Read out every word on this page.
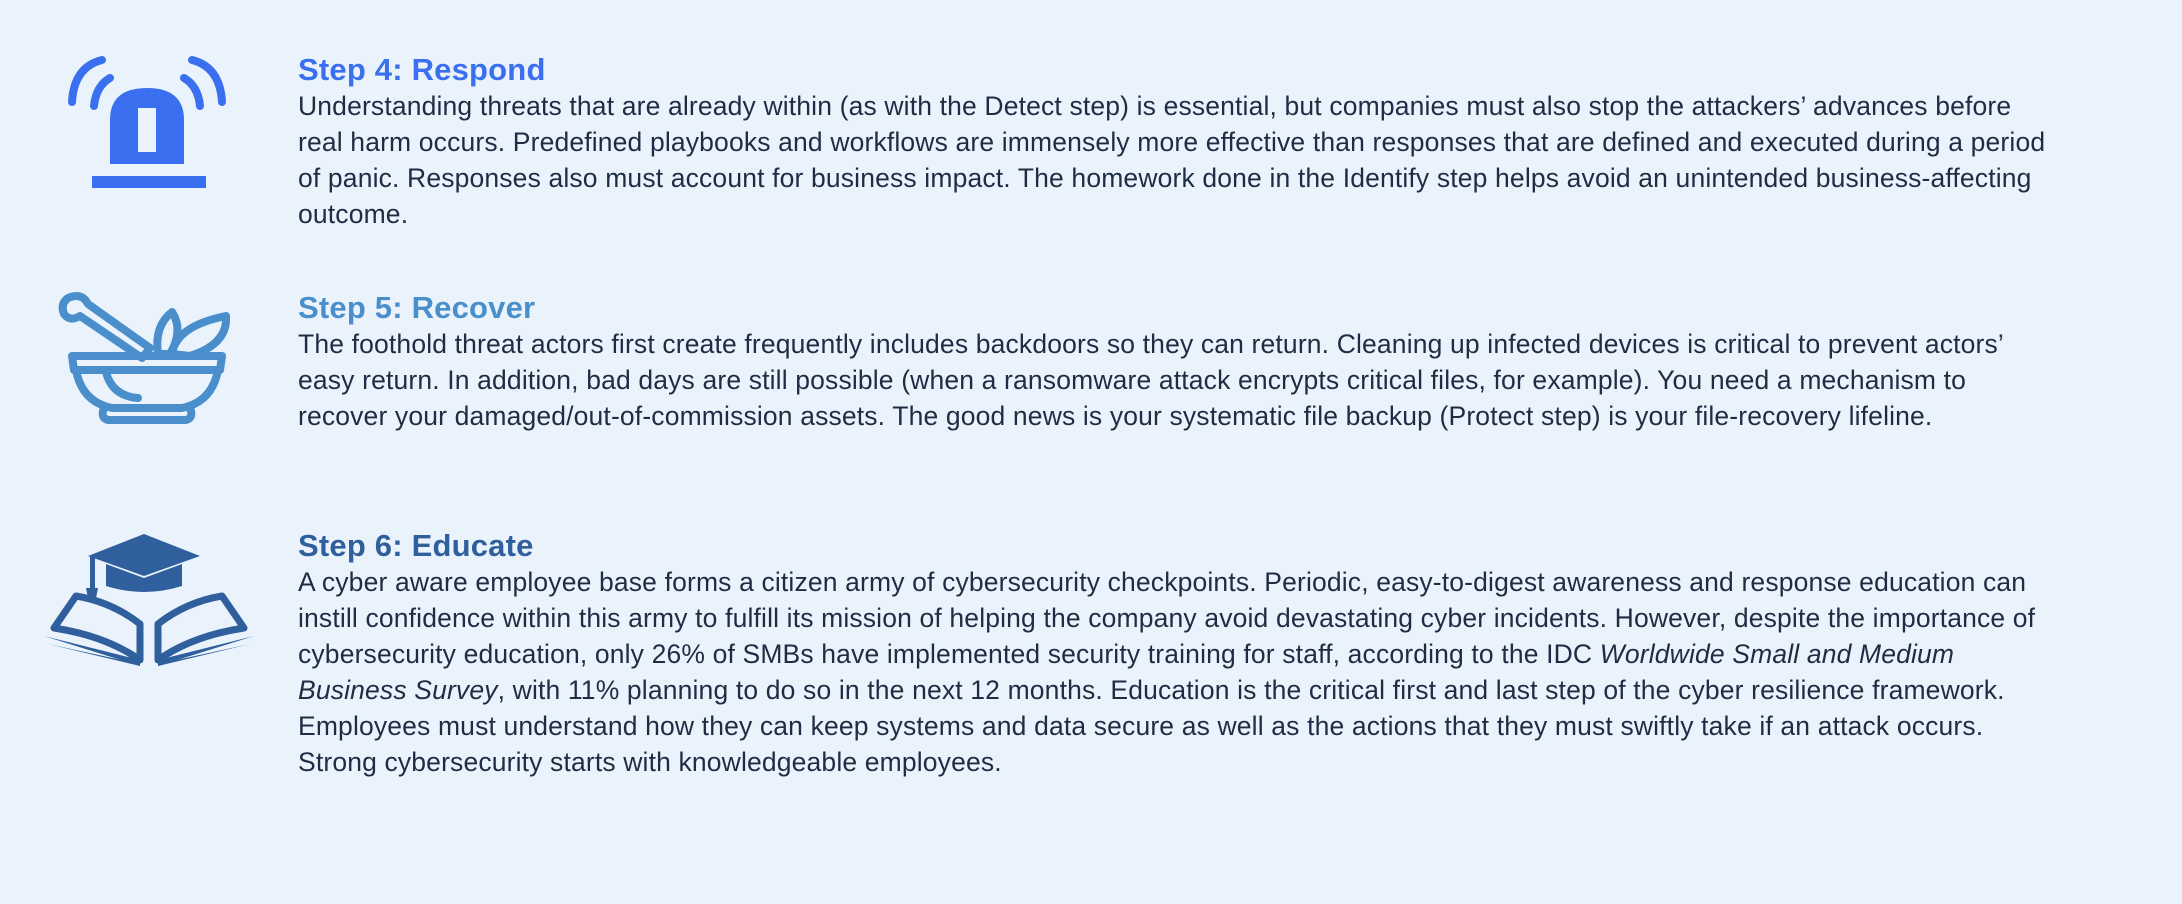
Step 4: Respond

Understanding threats that are already within (as with the Detect step) is essential, but companies must also stop the attackers’ advances before real harm occurs. Predefined playbooks and workflows are immensely more effective than responses that are defined and executed during a period of panic. Responses also must account for business impact. The homework done in the Identify step helps avoid an unintended business-affecting outcome.

Step 5: Recover

The foothold threat actors first create frequently includes backdoors so they can return. Cleaning up infected devices is critical to prevent actors’ easy return. In addition, bad days are still possible (when a ransomware attack encrypts critical files, for example). You need a mechanism to recover your damaged/out-of-commission assets. The good news is your systematic file backup (Protect step) is your file-recovery lifeline.

Step 6: Educate

A cyber aware employee base forms a citizen army of cybersecurity checkpoints. Periodic, easy-to-digest awareness and response education can instill confidence within this army to fulfill its mission of helping the company avoid devastating cyber incidents. However, despite the importance of cybersecurity education, only 26% of SMBs have implemented security training for staff, according to the IDC Worldwide Small and Medium Business Survey, with 11% planning to do so in the next 12 months. Education is the critical first and last step of the cyber resilience framework. Employees must understand how they can keep systems and data secure as well as the actions that they must swiftly take if an attack occurs. Strong cybersecurity starts with knowledgeable employees.
